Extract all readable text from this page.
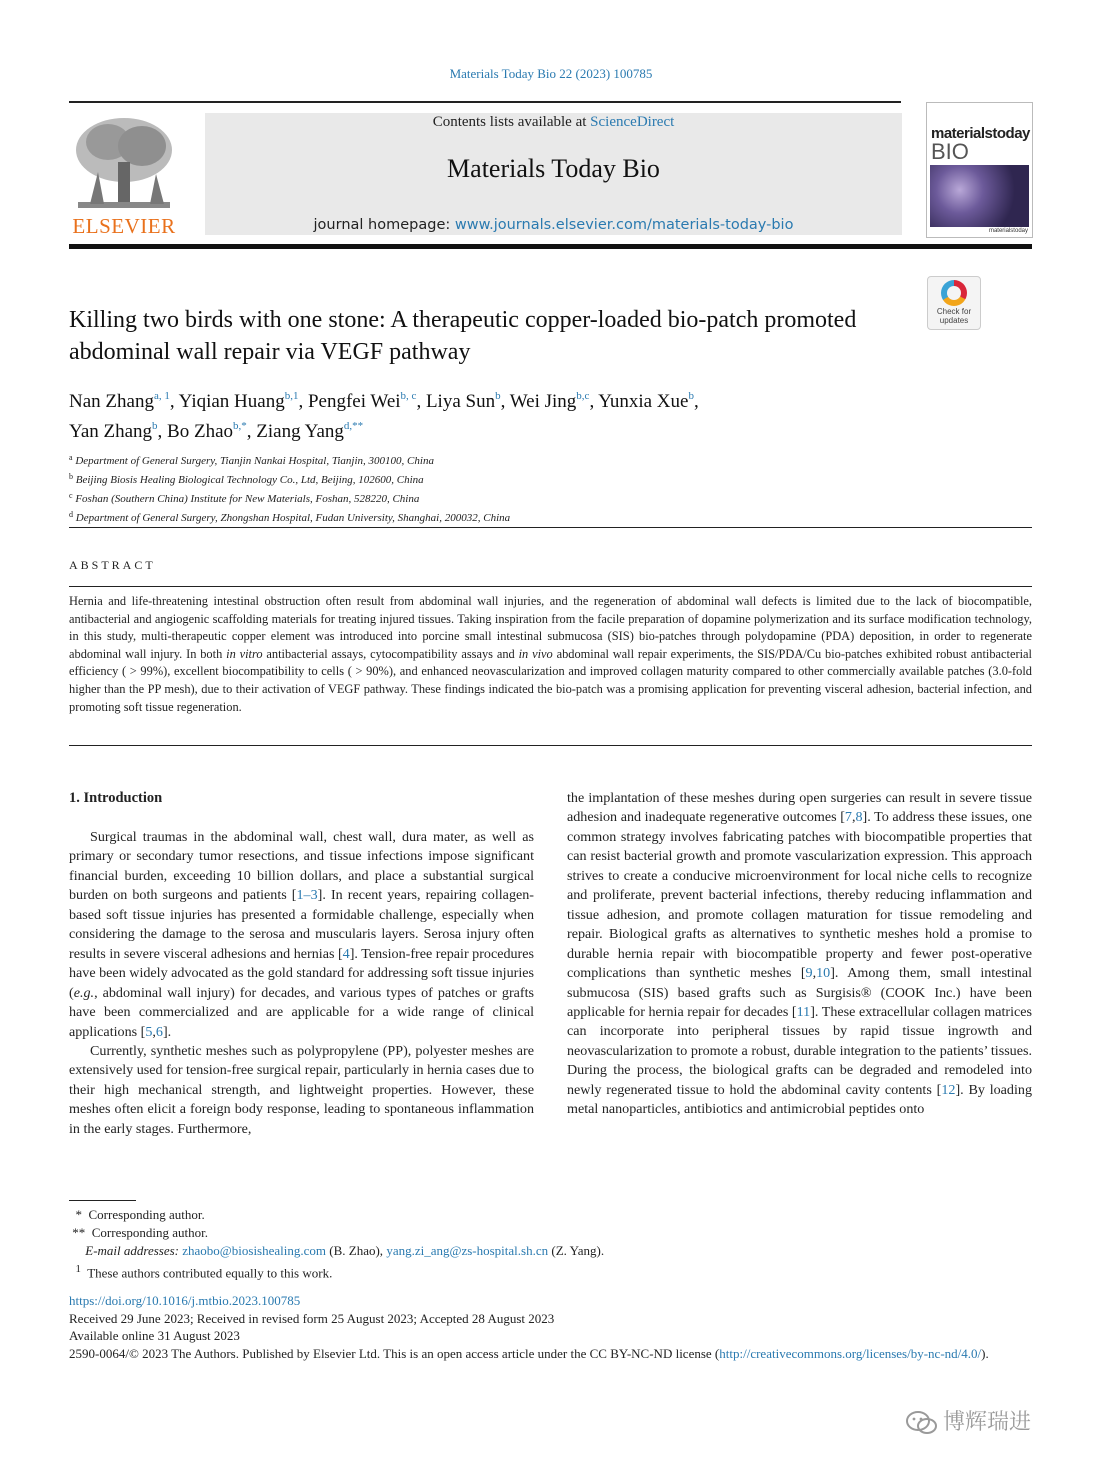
Materials Today Bio 22 (2023) 100785
ELSEVIER
Contents lists available at ScienceDirect
Materials Today Bio
journal homepage: www.journals.elsevier.com/materials-today-bio
materialstoday
BIO
materialstoday
Check for updates
Killing two birds with one stone: A therapeutic copper-loaded bio-patch promoted abdominal wall repair via VEGF pathway
Nan Zhang$^{a, 1}$, Yiqian Huang$^{b,1}$, Pengfei Wei$^{b, c}$, Liya Sun$^b$, Wei Jing$^{b,c}$, Yunxia Xue$^b$,
Yan Zhang$^b$, Bo Zhao$^{b,*}$, Ziang Yang$^{d,**}$
$^a$ Department of General Surgery, Tianjin Nankai Hospital, Tianjin, 300100, China
$^b$ Beijing Biosis Healing Biological Technology Co., Ltd, Beijing, 102600, China
$^c$ Foshan (Southern China) Institute for New Materials, Foshan, 528220, China
$^d$ Department of General Surgery, Zhongshan Hospital, Fudan University, Shanghai, 200032, China
ABSTRACT
Hernia and life-threatening intestinal obstruction often result from abdominal wall injuries, and the regeneration of abdominal wall defects is limited due to the lack of biocompatible, antibacterial and angiogenic scaffolding materials for treating injured tissues. Taking inspiration from the facile preparation of dopamine polymerization and its surface modification technology, in this study, multi-therapeutic copper element was introduced into porcine small intestinal submucosa (SIS) bio-patches through polydopamine (PDA) deposition, in order to regenerate abdominal wall injury. In both in vitro antibacterial assays, cytocompatibility assays and in vivo abdominal wall repair experiments, the SIS/PDA/Cu bio-patches exhibited robust antibacterial efficiency ( > 99%), excellent biocompatibility to cells ( > 90%), and enhanced neovascularization and improved collagen maturity compared to other commercially available patches (3.0-fold higher than the PP mesh), due to their activation of VEGF pathway. These findings indicated the bio-patch was a promising application for preventing visceral adhesion, bacterial infection, and promoting soft tissue regeneration.
1. Introduction

Surgical traumas in the abdominal wall, chest wall, dura mater, as well as primary or secondary tumor resections, and tissue infections impose significant financial burden, exceeding 10 billion dollars, and place a substantial surgical burden on both surgeons and patients [1–3]. In recent years, repairing collagen-based soft tissue injuries has presented a formidable challenge, especially when considering the damage to the serosa and muscularis layers. Serosa injury often results in severe visceral adhesions and hernias [4]. Tension-free repair procedures have been widely advocated as the gold standard for addressing soft tissue injuries (e.g., abdominal wall injury) for decades, and various types of patches or grafts have been commercialized and are applicable for a wide range of clinical applications [5,6].

Currently, synthetic meshes such as polypropylene (PP), polyester meshes are extensively used for tension-free surgical repair, particularly in hernia cases due to their high mechanical strength, and lightweight properties. However, these meshes often elicit a foreign body response, leading to spontaneous inflammation in the early stages. Furthermore,

the implantation of these meshes during open surgeries can result in severe tissue adhesion and inadequate regenerative outcomes [7,8]. To address these issues, one common strategy involves fabricating patches with biocompatible properties that can resist bacterial growth and promote vascularization expression. This approach strives to create a conducive microenvironment for local niche cells to recognize and proliferate, prevent bacterial infections, thereby reducing inflammation and tissue adhesion, and promote collagen maturation for tissue remodeling and repair. Biological grafts as alternatives to synthetic meshes hold a promise to durable hernia repair with biocompatible property and fewer post-operative complications than synthetic meshes [9,10]. Among them, small intestinal submucosa (SIS) based grafts such as Surgisis® (COOK Inc.) have been applicable for hernia repair for decades [11]. These extracellular collagen matrices can incorporate into peripheral tissues by rapid tissue ingrowth and neovascularization to promote a robust, durable integration to the patients’ tissues. During the process, the biological grafts can be degraded and remodeled into newly regenerated tissue to hold the abdominal cavity contents [12]. By loading metal nanoparticles, antibiotics and antimicrobial peptides onto

* Corresponding author.
** Corresponding author.
E-mail addresses: zhaobo@biosishealing.com (B. Zhao), yang.zi_ang@zs-hospital.sh.cn (Z. Yang).
$^1$ These authors contributed equally to this work.
https://doi.org/10.1016/j.mtbio.2023.100785
Received 29 June 2023; Received in revised form 25 August 2023; Accepted 28 August 2023
Available online 31 August 2023
2590-0064/© 2023 The Authors. Published by Elsevier Ltd. This is an open access article under the CC BY-NC-ND license (http://creativecommons.org/licenses/by-nc-nd/4.0/).
博辉瑞进
